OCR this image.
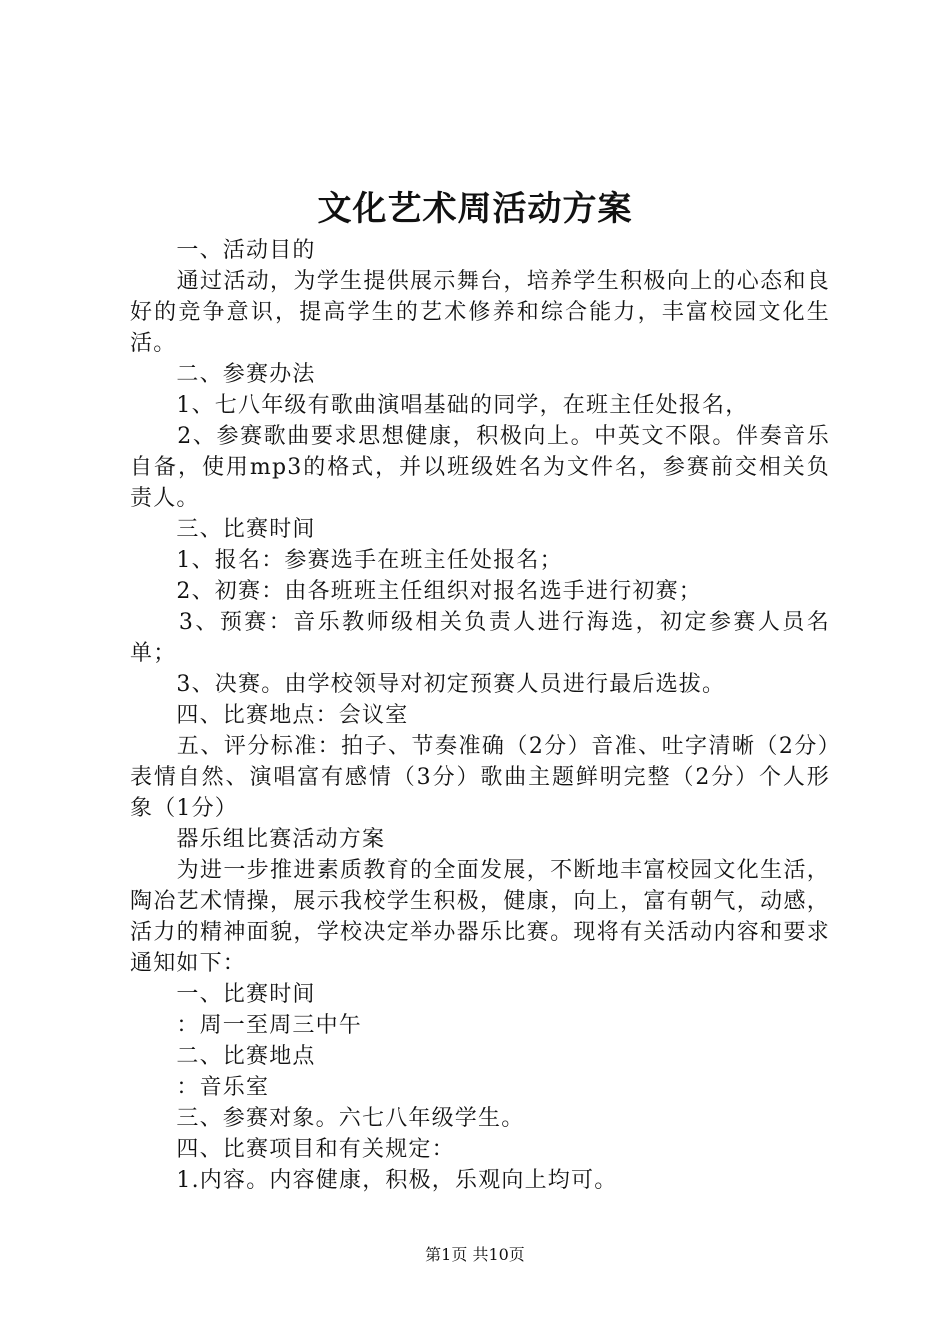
文化艺术周活动方案

　　一、活动目的

　　通过活动，为学生提供展示舞台，培养学生积极向上的心态和良好的竞争意识，提高学生的艺术修养和综合能力，丰富校园文化生活。

　　二、参赛办法

　　1、七八年级有歌曲演唱基础的同学，在班主任处报名，

　　2、参赛歌曲要求思想健康，积极向上。中英文不限。伴奏音乐自备，使用mp3的格式，并以班级姓名为文件名，参赛前交相关负责人。

　　三、比赛时间

　　1、报名：参赛选手在班主任处报名；

　　2、初赛：由各班班主任组织对报名选手进行初赛；

　　3、预赛：音乐教师级相关负责人进行海选，初定参赛人员名单；

　　3、决赛。由学校领导对初定预赛人员进行最后选拔。

　　四、比赛地点：会议室

　　五、评分标准：拍子、节奏准确（2分）音准、吐字清晰（2分）表情自然、演唱富有感情（3分）歌曲主题鲜明完整（2分）个人形象（1分）

　　器乐组比赛活动方案

　　为进一步推进素质教育的全面发展，不断地丰富校园文化生活，陶冶艺术情操，展示我校学生积极，健康，向上，富有朝气，动感，活力的精神面貌，学校决定举办器乐比赛。现将有关活动内容和要求通知如下：

　　一、比赛时间

　　：周一至周三中午

　　二、比赛地点

　　：音乐室

　　三、参赛对象。六七八年级学生。

　　四、比赛项目和有关规定：

　　1.内容。内容健康，积极，乐观向上均可。

第1页 共10页
